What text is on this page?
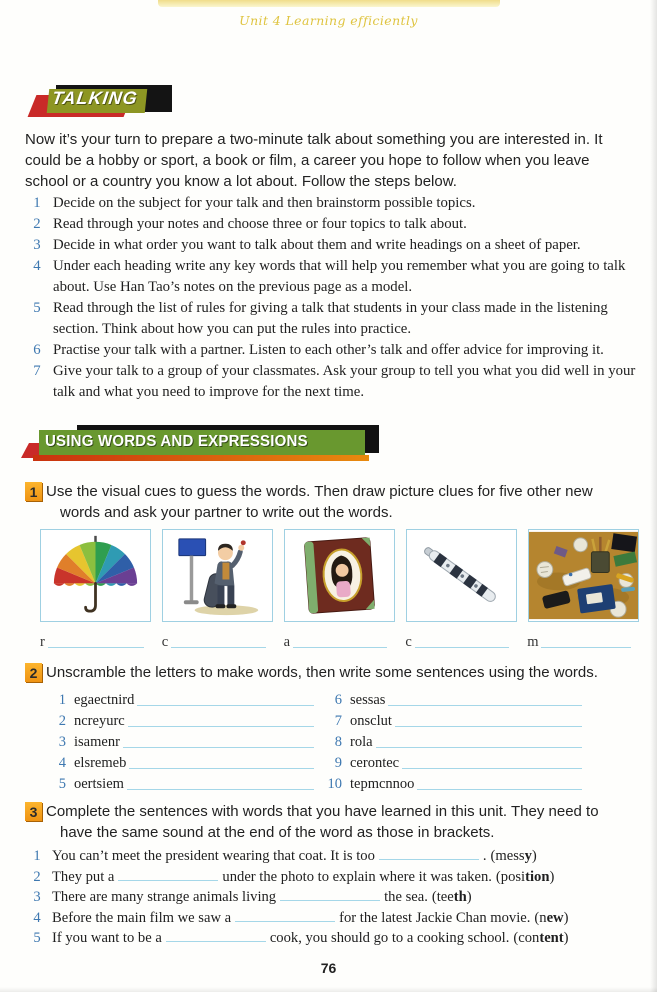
Unit 4 Learning efficiently
TALKING

Now it’s your turn to prepare a two-minute talk about something you are interested in. It could be a hobby or sport, a book or film, a career you hope to follow when you leave school or a country you know a lot about. Follow the steps below.

1 Decide on the subject for your talk and then brainstorm possible topics.
2 Read through your notes and choose three or four topics to talk about.
3 Decide in what order you want to talk about them and write headings on a sheet of paper.
4 Under each heading write any key words that will help you remember what you are going to talk about. Use Han Tao’s notes on the previous page as a model.
5 Read through the list of rules for giving a talk that students in your class made in the listening section. Think about how you can put the rules into practice.
6 Practise your talk with a partner. Listen to each other’s talk and offer advice for improving it.
7 Give your talk to a group of your classmates. Ask your group to tell you what you did well in your talk and what you need to improve for the next time.
USING WORDS AND EXPRESSIONS
1 Use the visual cues to guess the words. Then draw picture clues for five other new words and ask your partner to write out the words.
r	c	a	c	m
2 Unscramble the letters to make words, then write some sentences using the words.
1 egaectnird
2 ncreyurc
3 isamenr
4 elsremeb
5 oertsiem
6 sessas
7 onsclut
8 rola
9 cerontec
10 tepmcnnoo
3 Complete the sentences with words that you have learned in this unit. They need to have the same sound at the end of the word as those in brackets.
1 You can’t meet the president wearing that coat. It is too	. (messy)
2 They put a	under the photo to explain where it was taken. (position)
3 There are many strange animals living	the sea. (teeth)
4 Before the main film we saw a	for the latest Jackie Chan movie. (new)
5 If you want to be a	cook, you should go to a cooking school. (content)
76
